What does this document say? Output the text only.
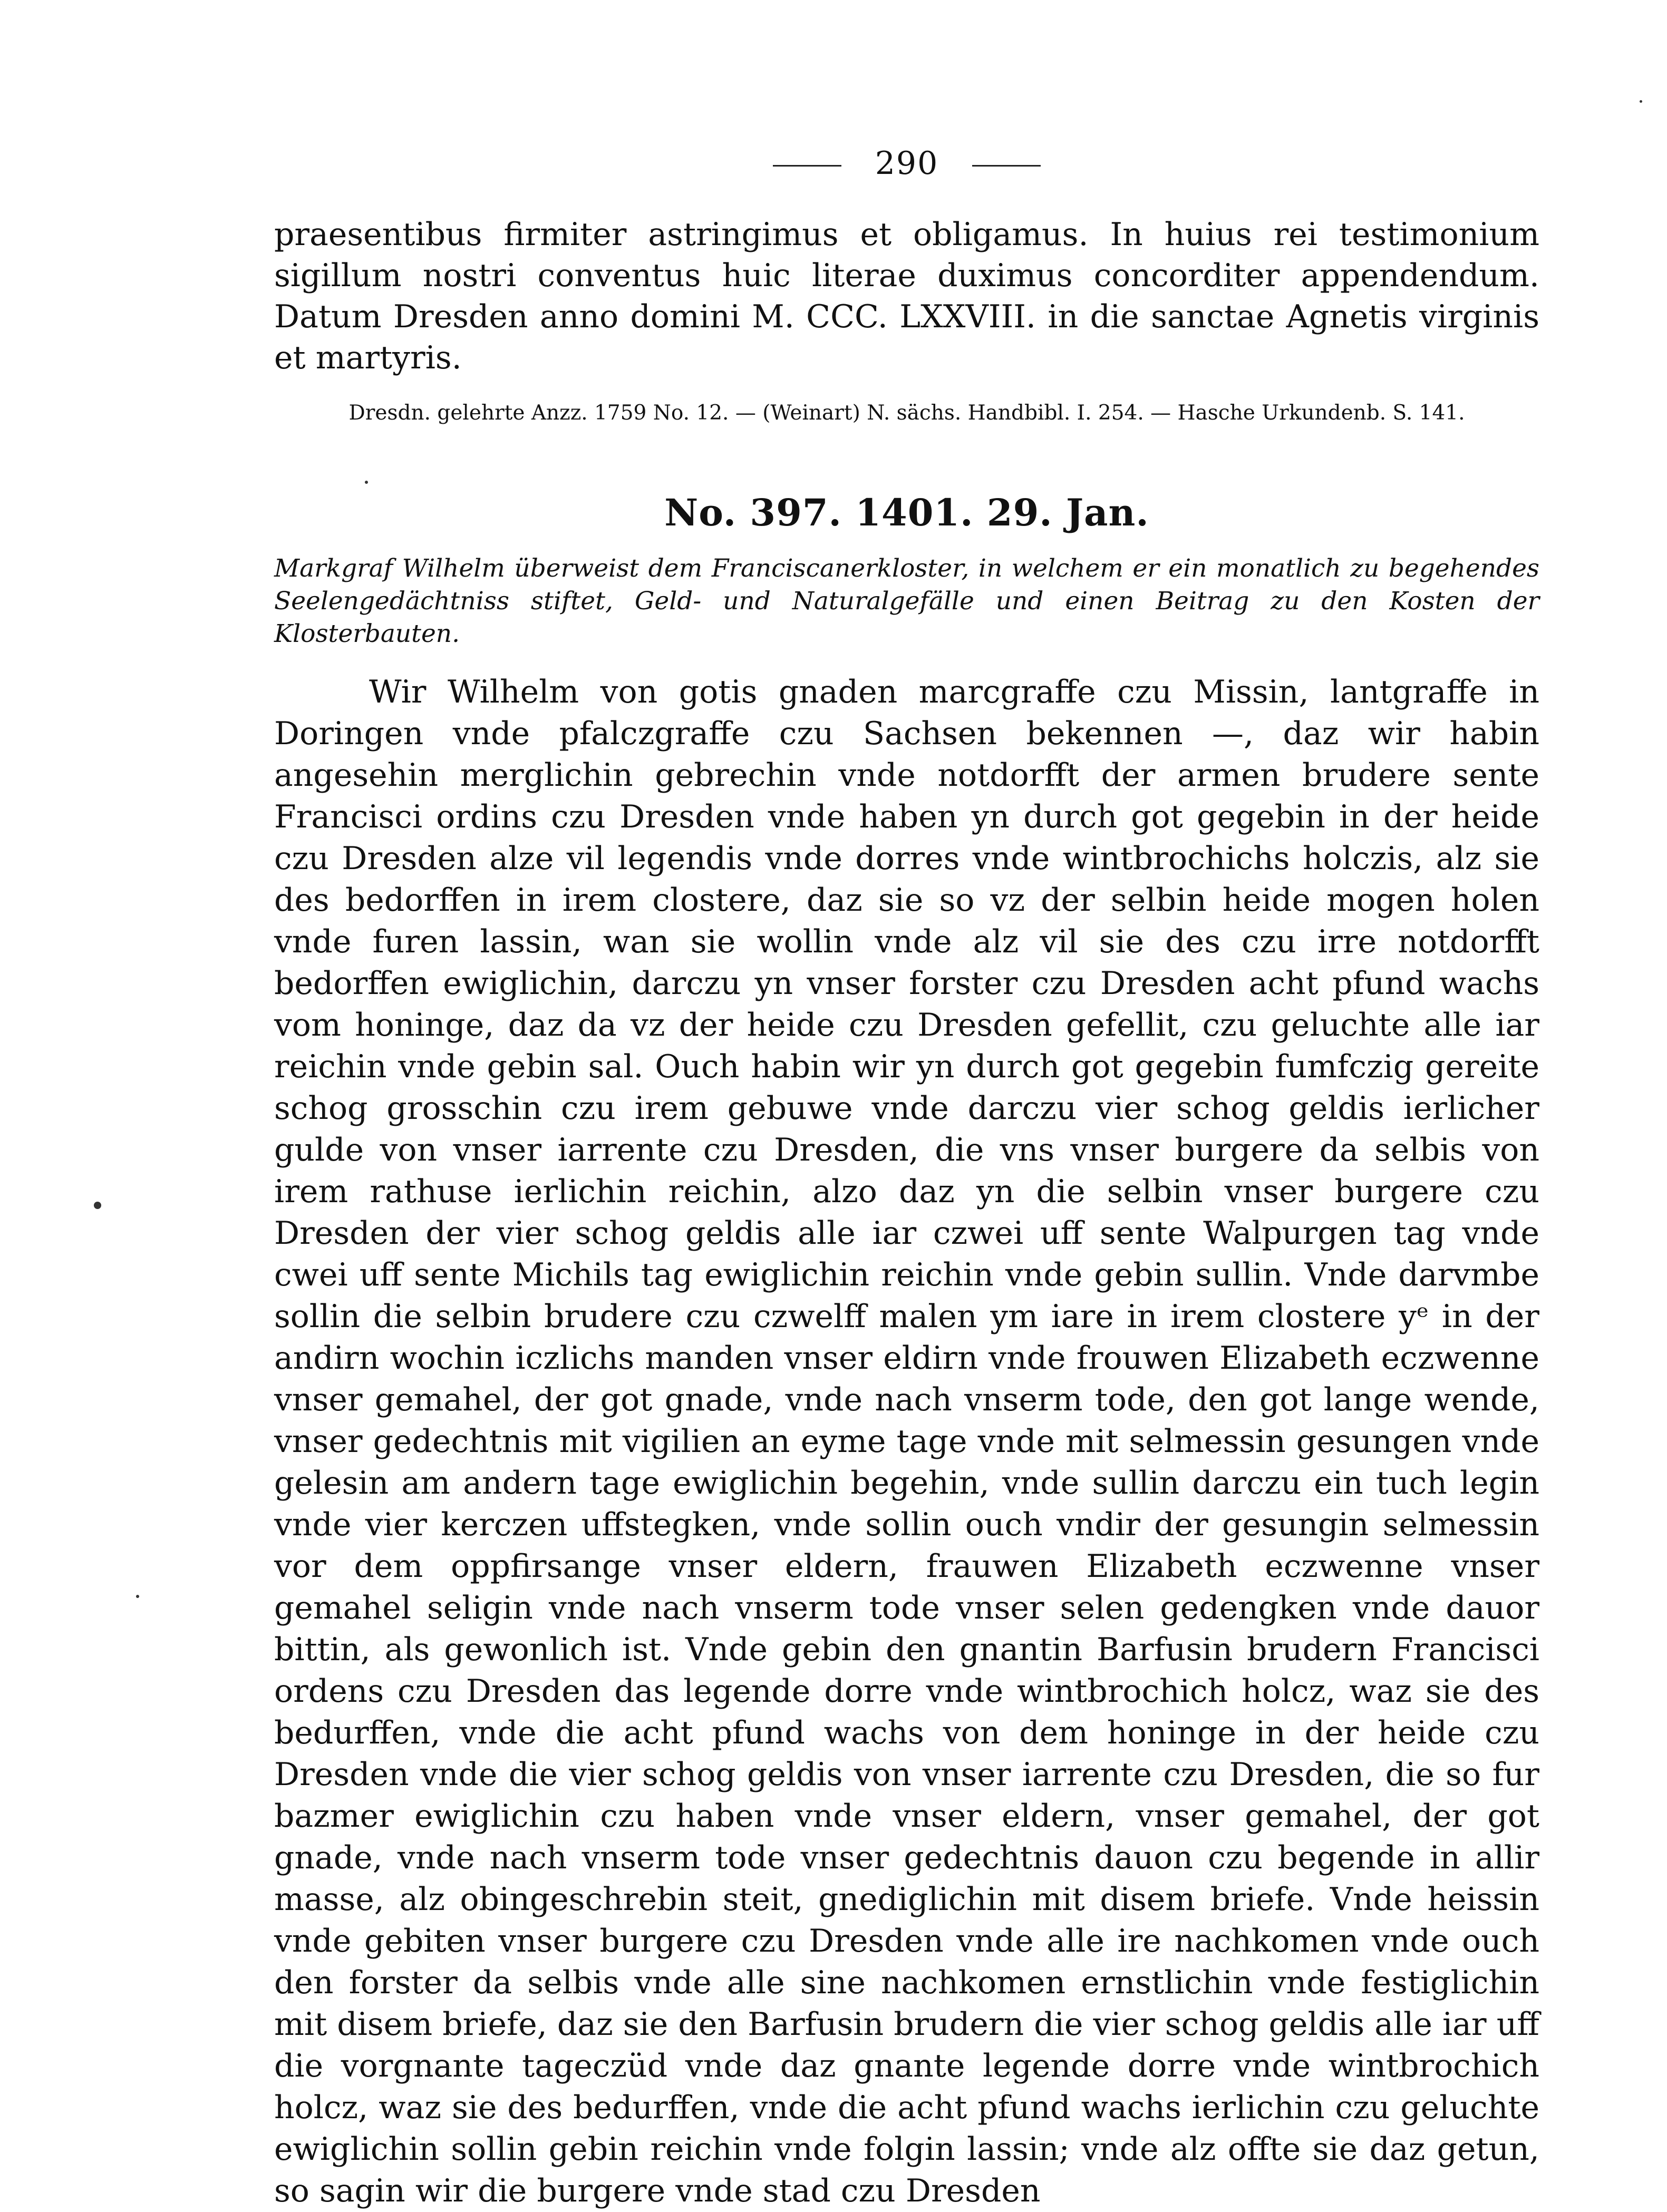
290

praesentibus firmiter astringimus et obligamus. In huius rei testimonium sigillum nostri conventus huic literae duximus concorditer appendendum. Datum Dresden anno domini M. CCC. LXXVIII. in die sanctae Agnetis virginis et martyris.

Dresdn. gelehrte Anzz. 1759 No. 12. — (Weinart) N. sächs. Handbibl. I. 254. — Hasche Urkundenb. S. 141.

No. 397. 1401. 29. Jan.

Markgraf Wilhelm überweist dem Franciscanerkloster, in welchem er ein monatlich zu begehendes Seelengedächtniss stiftet, Geld- und Naturalgefälle und einen Beitrag zu den Kosten der Klosterbauten.

Wir Wilhelm von gotis gnaden marcgraffe czu Missin, lantgraffe in Doringen vnde pfalczgraffe czu Sachsen bekennen —, daz wir habin angesehin merglichin gebrechin vnde notdorfft der armen brudere sente Francisci ordins czu Dresden vnde haben yn durch got gegebin in der heide czu Dresden alze vil legendis vnde dorres vnde wintbrochichs holczis, alz sie des bedorffen in irem clostere, daz sie so vz der selbin heide mogen holen vnde furen lassin, wan sie wollin vnde alz vil sie des czu irre notdorfft bedorffen ewiglichin, darczu yn vnser forster czu Dresden acht pfund wachs vom honinge, daz da vz der heide czu Dresden gefellit, czu geluchte alle iar reichin vnde gebin sal. Ouch habin wir yn durch got gegebin fumfczig gereite schog grosschin czu irem gebuwe vnde darczu vier schog geldis ierlicher gulde von vnser iarrente czu Dresden, die vns vnser burgere da selbis von irem rathuse ierlichin reichin, alzo daz yn die selbin vnser burgere czu Dresden der vier schog geldis alle iar czwei uff sente Walpurgen tag vnde cwei uff sente Michils tag ewiglichin reichin vnde gebin sullin. Vnde darvmbe sollin die selbin brudere czu czwelff malen ym iare in irem clostere yᵉ in der andirn wochin iczlichs manden vnser eldirn vnde frouwen Elizabeth eczwenne vnser gemahel, der got gnade, vnde nach vnserm tode, den got lange wende, vnser gedechtnis mit vigilien an eyme tage vnde mit selmessin gesungen vnde gelesin am andern tage ewiglichin begehin, vnde sullin darczu ein tuch legin vnde vier kerczen uffstegken, vnde sollin ouch vndir der gesungin selmessin vor dem oppfirsange vnser eldern, frauwen Elizabeth eczwenne vnser gemahel seligin vnde nach vnserm tode vnser selen gedengken vnde dauor bittin, als gewonlich ist. Vnde gebin den gnantin Barfusin brudern Francisci ordens czu Dresden das legende dorre vnde wintbrochich holcz, waz sie des bedurffen, vnde die acht pfund wachs von dem honinge in der heide czu Dresden vnde die vier schog geldis von vnser iarrente czu Dresden, die so fur bazmer ewiglichin czu haben vnde vnser eldern, vnser gemahel, der got gnade, vnde nach vnserm tode vnser gedechtnis dauon czu begende in allir masse, alz obingeschrebin steit, gnediglichin mit disem briefe. Vnde heissin vnde gebiten vnser burgere czu Dresden vnde alle ire nachkomen vnde ouch den forster da selbis vnde alle sine nachkomen ernstlichin vnde festiglichin mit disem briefe, daz sie den Barfusin brudern die vier schog geldis alle iar uff die vorgnante tageczüd vnde daz gnante legende dorre vnde wintbrochich holcz, waz sie des bedurffen, vnde die acht pfund wachs ierlichin czu geluchte ewiglichin sollin gebin reichin vnde folgin lassin; vnde alz offte sie daz getun, so sagin wir die burgere vnde stad czu Dresden
